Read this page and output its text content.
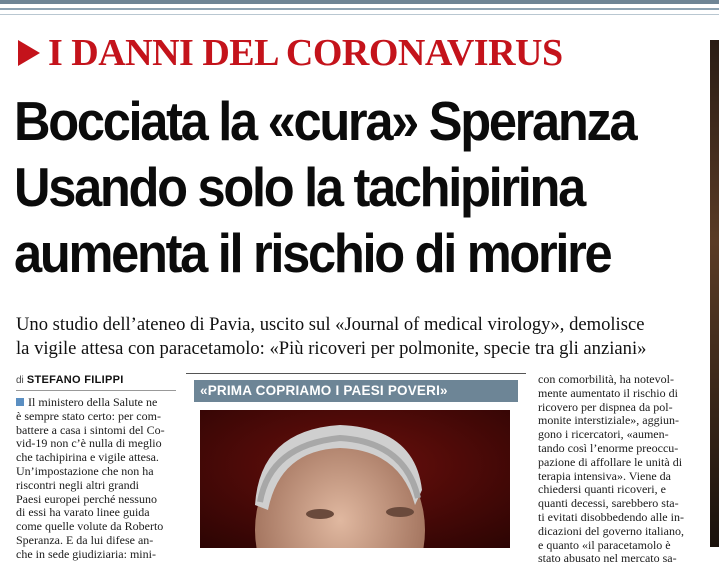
I DANNI DEL CORONAVIRUS
Bocciata la «cura» Speranza
Usando solo la tachipirina
aumenta il rischio di morire
Uno studio dell’ateneo di Pavia, uscito sul «Journal of medical virology», demolisce
la vigile attesa con paracetamolo: «Più ricoveri per polmonite, specie tra gli anziani»
di STEFANO FILIPPI
Il ministero della Salute ne
è sempre stato certo: per com-
battere a casa i sintomi del Co-
vid-19 non c’è nulla di meglio
che tachipirina e vigile attesa.
Un’impostazione che non ha
riscontri negli altri grandi
Paesi europei perché nessuno
di essi ha varato linee guida
come quelle volute da Roberto
Speranza. E da lui difese an-
che in sede giudiziaria: mini-
«PRIMA COPRIAMO I PAESI POVERI»
con comorbilità, ha notevol-
mente aumentato il rischio di
ricovero per dispnea da pol-
monite interstiziale», aggiun-
gono i ricercatori, «aumen-
tando così l’enorme preoccu-
pazione di affollare le unità di
terapia intensiva». Viene da
chiedersi quanti ricoveri, e
quanti decessi, sarebbero sta-
ti evitati disobbedendo alle in-
dicazioni del governo italiano,
e quanto «il paracetamolo è
stato abusato nel mercato sa-
